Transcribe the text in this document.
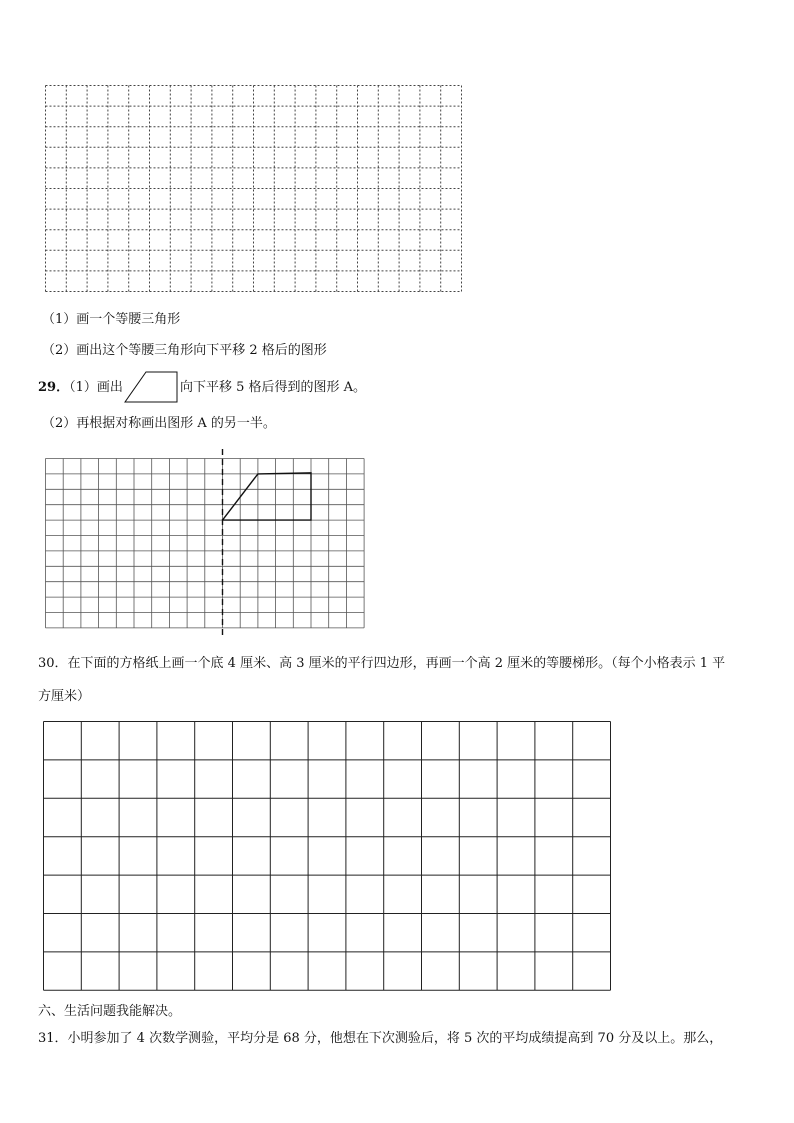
（1）画一个等腰三角形
（2）画出这个等腰三角形向下平移 2 格后的图形
29．（1）画出	向下平移 5 格后得到的图形 A。
（2）再根据对称画出图形 A 的另一半。
30．在下面的方格纸上画一个底 4 厘米、高 3 厘米的平行四边形，再画一个高 2 厘米的等腰梯形。（每个小格表示 1 平
方厘米）
六、生活问题我能解决。
31．小明参加了 4 次数学测验，平均分是 68 分，他想在下次测验后，将 5 次的平均成绩提高到 70 分及以上。那么，
